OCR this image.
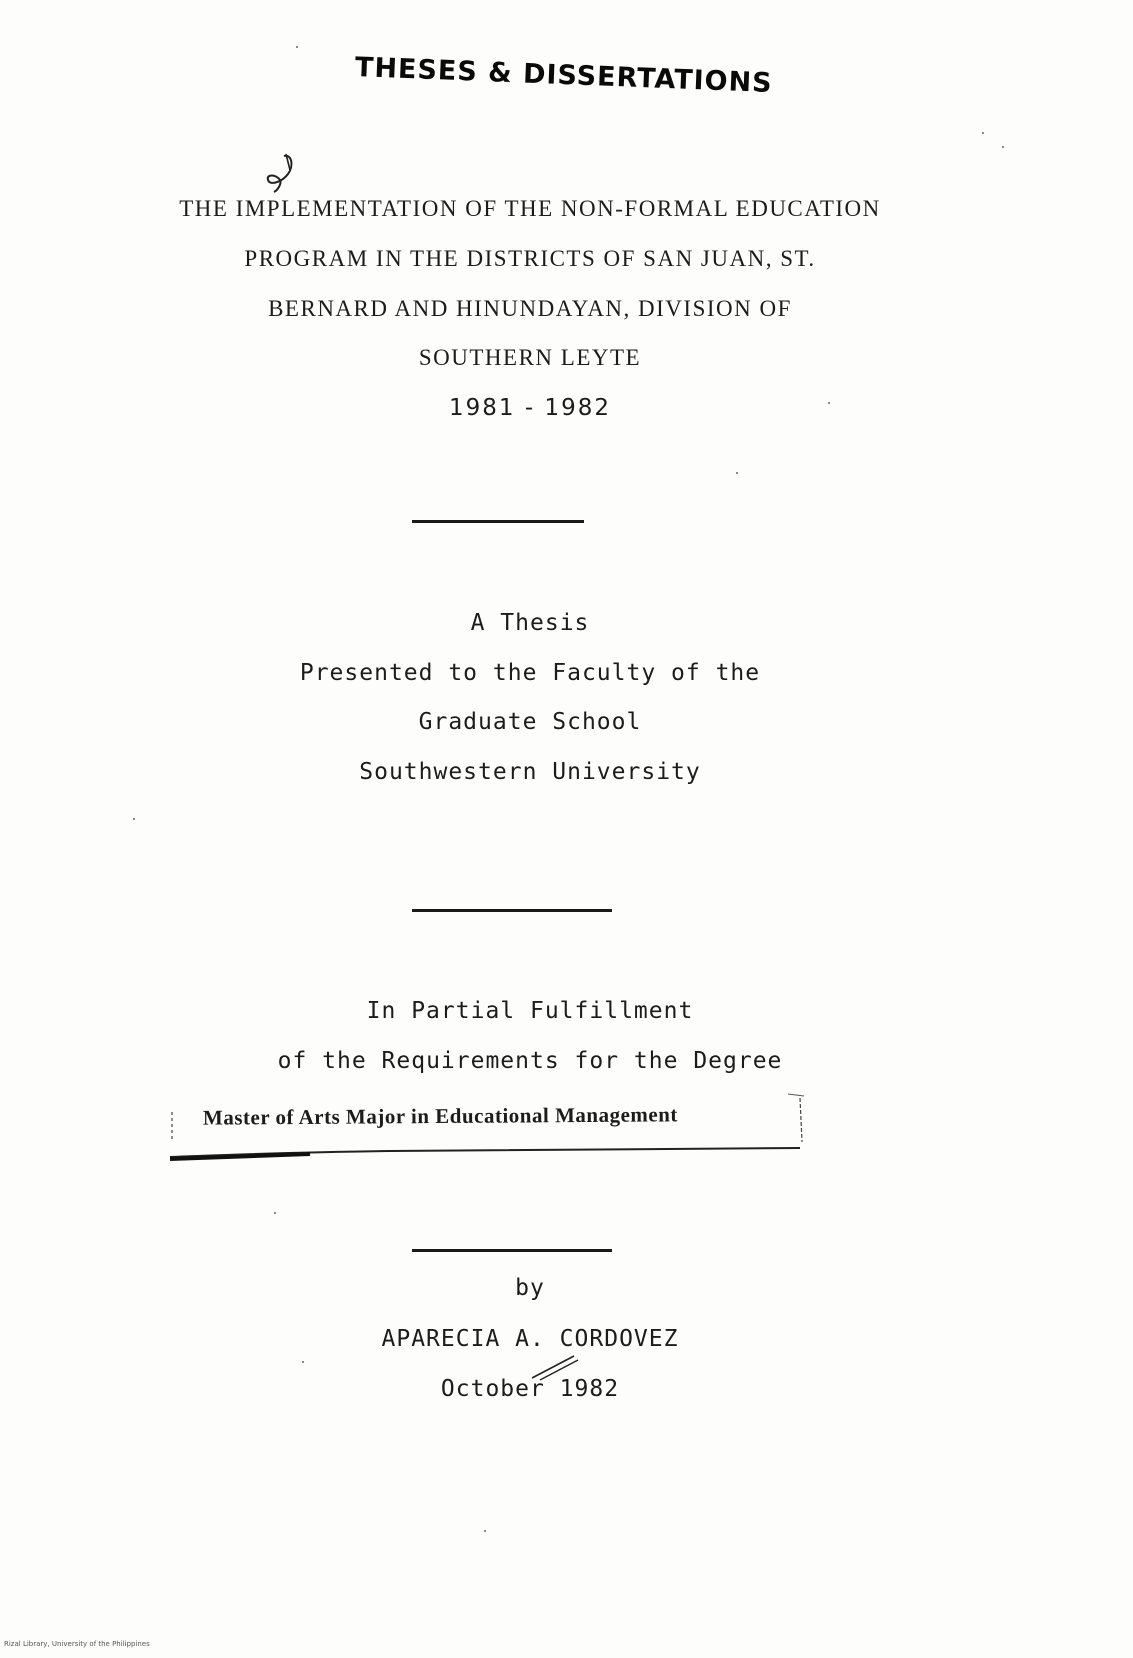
THESES & DISSERTATIONS
THE IMPLEMENTATION OF THE NON-FORMAL EDUCATION
PROGRAM IN THE DISTRICTS OF SAN JUAN, ST.
BERNARD AND HINUNDAYAN, DIVISION OF
SOUTHERN LEYTE
1981 - 1982
A Thesis
Presented to the Faculty of the
Graduate School
Southwestern University
In Partial Fulfillment
of the Requirements for the Degree
Master of Arts Major in Educational Management
by
APARECIA A. CORDOVEZ
October 1982
Rizal Library, University of the Philippines
